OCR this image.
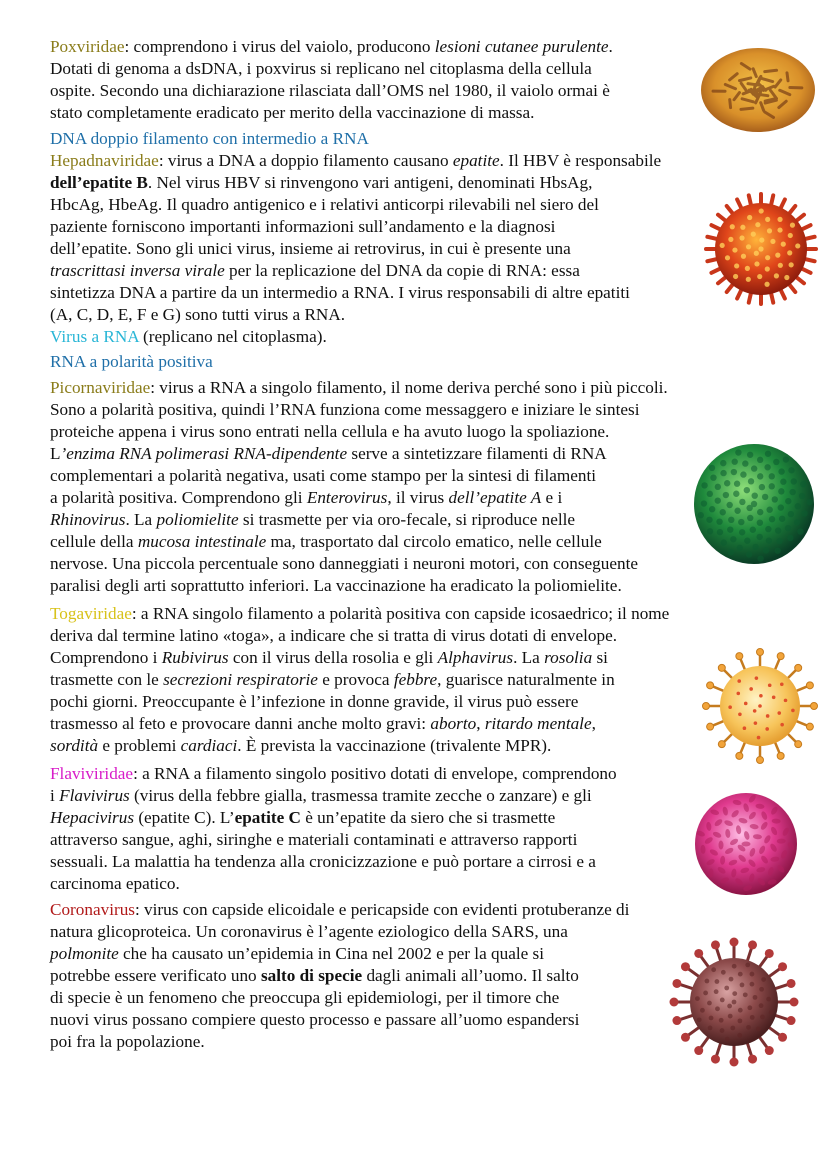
Poxviridae: comprendono i virus del vaiolo, producono lesioni cutanee purulente.
Dotati di genoma a dsDNA, i poxvirus si replicano nel citoplasma della cellula
ospite. Secondo una dichiarazione rilasciata dall’OMS nel 1980, il vaiolo ormai è
stato completamente eradicato per merito della vaccinazione di massa.
DNA doppio filamento con intermedio a RNA
Hepadnaviridae: virus a DNA a doppio filamento causano epatite. Il HBV è responsabile
dell’epatite B. Nel virus HBV si rinvengono vari antigeni, denominati HbsAg,
HbcAg, HbeAg. Il quadro antigenico e i relativi anticorpi rilevabili nel siero del
paziente forniscono importanti informazioni sull’andamento e la diagnosi
dell’epatite. Sono gli unici virus, insieme ai retrovirus, in cui è presente una
trascrittasi inversa virale per la replicazione del DNA da copie di RNA: essa
sintetizza DNA a partire da un intermedio a RNA. I virus responsabili di altre epatiti
(A, C, D, E, F e G) sono tutti virus a RNA.
Virus a RNA (replicano nel citoplasma).
RNA a polarità positiva
Picornaviridae: virus a RNA a singolo filamento, il nome deriva perché sono i più piccoli.
Sono a polarità positiva, quindi l’RNA funziona come messaggero e iniziare le sintesi
proteiche appena i virus sono entrati nella cellula e ha avuto luogo la spoliazione.
L’enzima RNA polimerasi RNA-dipendente serve a sintetizzare filamenti di RNA
complementari a polarità negativa, usati come stampo per la sintesi di filamenti
a polarità positiva. Comprendono gli Enterovirus, il virus dell’epatite A e i
Rhinovirus. La poliomielite si trasmette per via oro-fecale, si riproduce nelle
cellule della mucosa intestinale ma, trasportato dal circolo ematico, nelle cellule
nervose. Una piccola percentuale sono danneggiati i neuroni motori, con conseguente
paralisi degli arti soprattutto inferiori. La vaccinazione ha eradicato la poliomielite.
Togaviridae: a RNA singolo filamento a polarità positiva con capside icosaedrico; il nome
deriva dal termine latino «toga», a indicare che si tratta di virus dotati di envelope.
Comprendono i Rubivirus con il virus della rosolia e gli Alphavirus. La rosolia si
trasmette con le secrezioni respiratorie e provoca febbre, guarisce naturalmente in
pochi giorni. Preoccupante è l’infezione in donne gravide, il virus può essere
trasmesso al feto e provocare danni anche molto gravi: aborto, ritardo mentale,
sordità e problemi cardiaci. È prevista la vaccinazione (trivalente MPR).
Flaviviridae: a RNA a filamento singolo positivo dotati di envelope, comprendono
i Flavivirus (virus della febbre gialla, trasmessa tramite zecche o zanzare) e gli
Hepacivirus (epatite C). L’epatite C è un’epatite da siero che si trasmette
attraverso sangue, aghi, siringhe e materiali contaminati e attraverso rapporti
sessuali. La malattia ha tendenza alla cronicizzazione e può portare a cirrosi e a
carcinoma epatico.
Coronavirus: virus con capside elicoidale e pericapside con evidenti protuberanze di
natura glicoproteica. Un coronavirus è l’agente eziologico della SARS, una
polmonite che ha causato un’epidemia in Cina nel 2002 e per la quale si
potrebbe essere verificato uno salto di specie dagli animali all’uomo. Il salto
di specie è un fenomeno che preoccupa gli epidemiologi, per il timore che
nuovi virus possano compiere questo processo e passare all’uomo espandersi
poi fra la popolazione.
